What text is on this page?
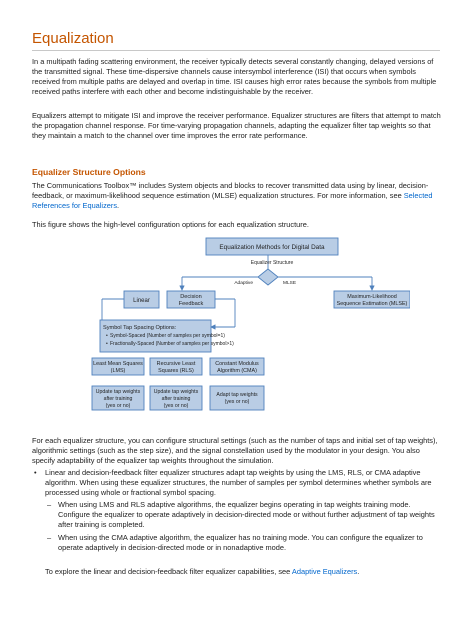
Equalization

In a multipath fading scattering environment, the receiver typically detects several constantly changing, delayed versions of the transmitted signal. These time-dispersive channels cause intersymbol interference (ISI) that occurs when symbols received from multiple paths are delayed and overlap in time. ISI causes high error rates because the symbols from multiple received paths interfere with each other and become indistinguishable by the receiver.

Equalizers attempt to mitigate ISI and improve the receiver performance. Equalizer structures are filters that attempt to match the propagation channel response. For time-varying propagation channels, adapting the equalizer filter tap weights so that they maintain a match to the channel over time improves the error rate performance.

Equalizer Structure Options

The Communications Toolbox™ includes System objects and blocks to recover transmitted data using by linear, decision-feedback, or maximum-likelihood sequence estimation (MLSE) equalization structures. For more information, see Selected References for Equalizers.

This figure shows the high-level configuration options for each equalization structure.

Equalization Methods for Digital Data
Equalizer Structure
Adaptive	MLSE
Linear
Decision
Feedback
Maximum-Likelihood
Sequence Estimation (MLSE)
Symbol Tap Spacing Options:
• Symbol-Spaced (Number of samples per symbol=1)
• Fractionally-Spaced (Number of samples per symbol>1)
Least Mean Squares
(LMS)
Recursive Least
Squares (RLS)
Constant Modulus
Algorithm (CMA)
Update tap weights
after training
(yes or no)
Update tap weights
after training
(yes or no)
Adapt tap weights
(yes or no)

For each equalizer structure, you can configure structural settings (such as the number of taps and initial set of tap weights), algorithmic settings (such as the step size), and the signal constellation used by the modulator in your design. You also specify adaptability of the equalizer tap weights throughout the simulation.

• Linear and decision-feedback filter equalizer structures adapt tap weights by using the LMS, RLS, or CMA adaptive algorithm. When using these equalizer structures, the number of samples per symbol determines whether symbols are processed using whole or fractional symbol spacing.

– When using LMS and RLS adaptive algorithms, the equalizer begins operating in tap weights training mode. Configure the equalizer to operate adaptively in decision-directed mode or without further adjustment of tap weights after training is completed.

– When using the CMA adaptive algorithm, the equalizer has no training mode. You can configure the equalizer to operate adaptively in decision-directed mode or in nonadaptive mode.

To explore the linear and decision-feedback filter equalizer capabilities, see Adaptive Equalizers.
